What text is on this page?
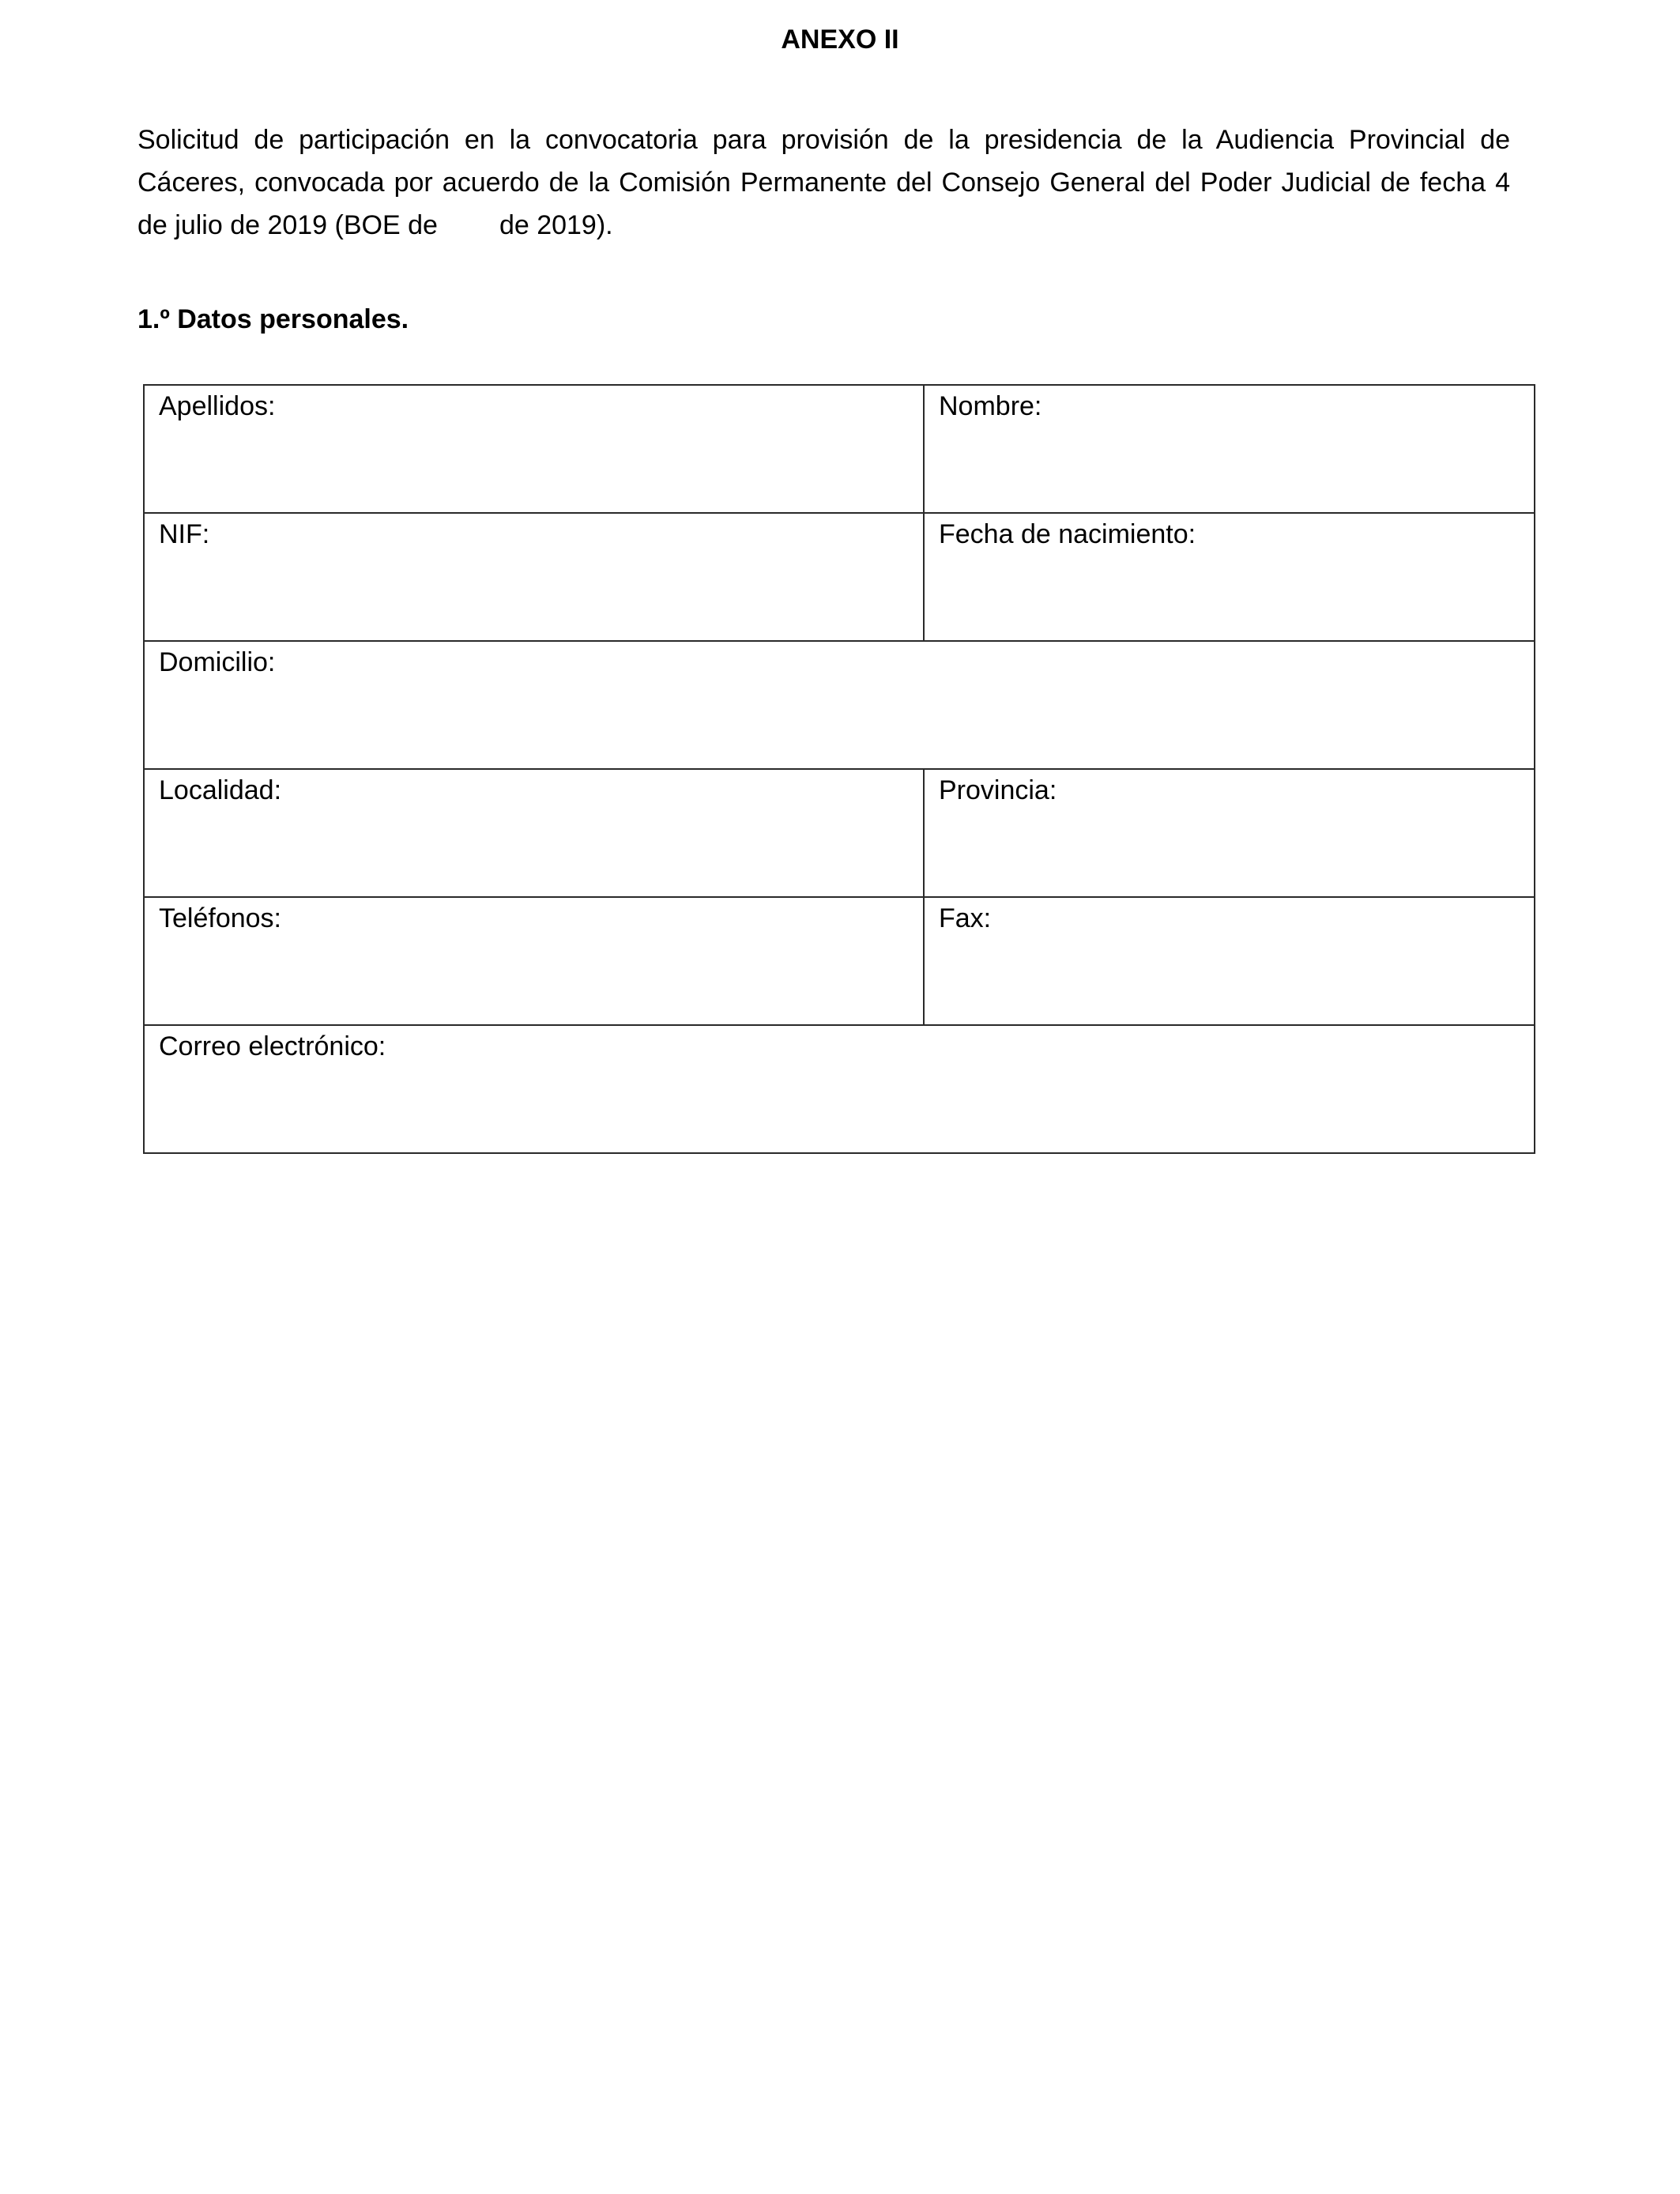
ANEXO II

Solicitud de participación en la convocatoria para provisión de la presidencia de la Audiencia Provincial de Cáceres, convocada por acuerdo de la Comisión Permanente del Consejo General del Poder Judicial de fecha 4 de julio de 2019 (BOE de de 2019).

1.º Datos personales.
Apellidos:	Nombre:

NIF:	Fecha de nacimiento:

Domicilio:	

Localidad:	Provincia:

Teléfonos:	Fax:

Correo electrónico:	
